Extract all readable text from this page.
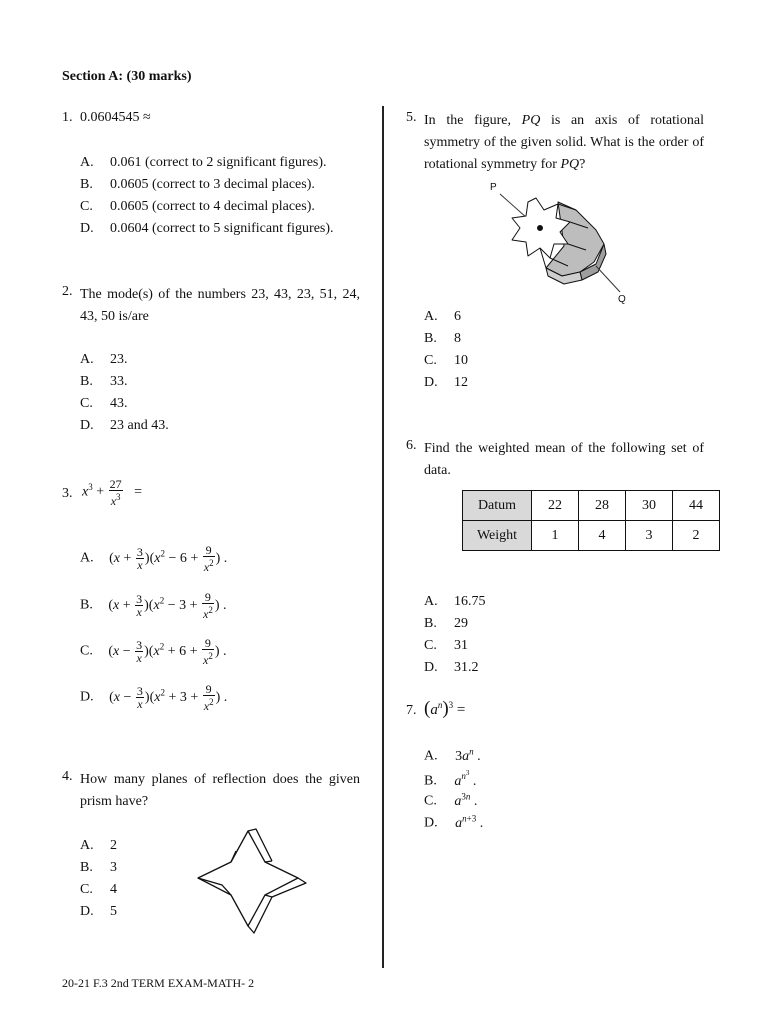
Section A: (30 marks)
1. 0.0604545 ≈
A. 0.061 (correct to 2 significant figures).
B. 0.0605 (correct to 3 decimal places).
C. 0.0605 (correct to 4 decimal places).
D. 0.0604 (correct to 5 significant figures).
2. The mode(s) of the numbers 23, 43, 23, 51, 24, 43, 50 is/are
A. 23.
B. 33.
C. 43.
D. 23 and 43.
3. $x^3 + \frac{27}{x^3}$ =
A. $(x + \frac{3}{x} )(x^2 - 6 + \frac{9}{x^2}$ ) .
B. $(x + \frac{3}{x} )(x^2 - 3 + \frac{9}{x^2}$ ) .
C. $(x - \frac{3}{x} )(x^2 + 6 + \frac{9}{x^2}$ ) .
D. $(x - \frac{3}{x} )(x^2 + 3 + \frac{9}{x^2}$ ) .
4. How many planes of reflection does the given prism have?
A. 2
B. 3
C. 4
D. 5
5. In the figure, PQ is an axis of rotational symmetry of the given solid. What is the order of rotational symmetry for PQ?
P
Q
A. 6
B. 8
C. 10
D. 12
6. Find the weighted mean of the following set of data.
Datum	22	28	30	44
Weight	1	4	3	2
A. 16.75
B. 29
C. 31
D. 31.2
7. $(a^n)^3$ =
A. $3a^n$ .
B. $a^{n^3}$ .
C. $a^{3n}$ .
D. $a^{n+3}$ .
20-21 F.3 2nd TERM EXAM-MATH- 2
